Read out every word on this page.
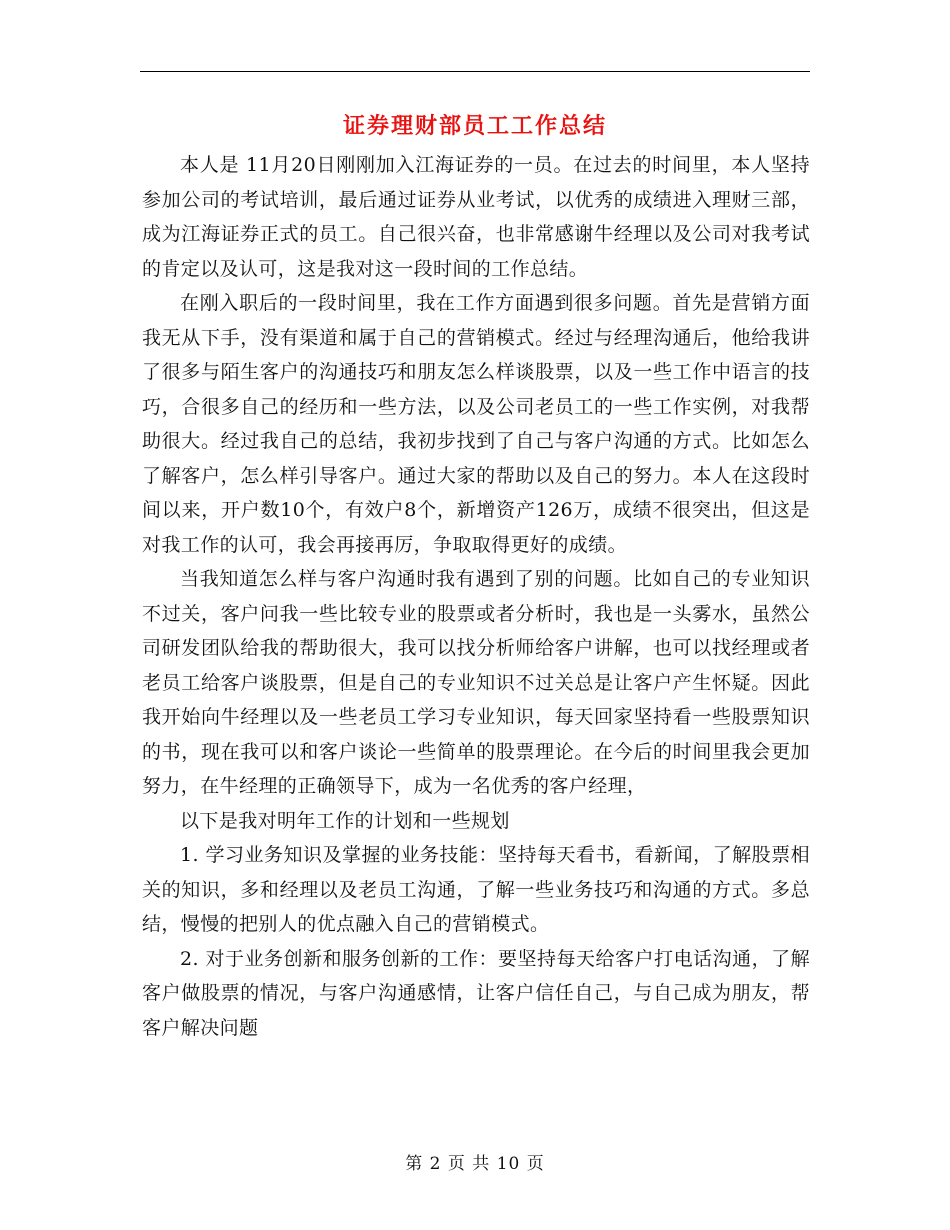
证券理财部员工工作总结

本人是 11月20日刚刚加入江海证券的一员。在过去的时间里，本人坚持参加公司的考试培训，最后通过证券从业考试，以优秀的成绩进入理财三部，成为江海证券正式的员工。自己很兴奋，也非常感谢牛经理以及公司对我考试的肯定以及认可，这是我对这一段时间的工作总结。

在刚入职后的一段时间里，我在工作方面遇到很多问题。首先是营销方面我无从下手，没有渠道和属于自己的营销模式。经过与经理沟通后，他给我讲了很多与陌生客户的沟通技巧和朋友怎么样谈股票，以及一些工作中语言的技巧，合很多自己的经历和一些方法，以及公司老员工的一些工作实例，对我帮助很大。经过我自己的总结，我初步找到了自己与客户沟通的方式。比如怎么了解客户，怎么样引导客户。通过大家的帮助以及自己的努力。本人在这段时间以来，开户数10个，有效户8个，新增资产126万，成绩不很突出，但这是对我工作的认可，我会再接再厉，争取取得更好的成绩。

当我知道怎么样与客户沟通时我有遇到了别的问题。比如自己的专业知识不过关，客户问我一些比较专业的股票或者分析时，我也是一头雾水，虽然公司研发团队给我的帮助很大，我可以找分析师给客户讲解，也可以找经理或者老员工给客户谈股票，但是自己的专业知识不过关总是让客户产生怀疑。因此我开始向牛经理以及一些老员工学习专业知识，每天回家坚持看一些股票知识的书，现在我可以和客户谈论一些简单的股票理论。在今后的时间里我会更加努力，在牛经理的正确领导下，成为一名优秀的客户经理，

以下是我对明年工作的计划和一些规划

1. 学习业务知识及掌握的业务技能：坚持每天看书，看新闻，了解股票相关的知识，多和经理以及老员工沟通，了解一些业务技巧和沟通的方式。多总结，慢慢的把别人的优点融入自己的营销模式。

2. 对于业务创新和服务创新的工作：要坚持每天给客户打电话沟通，了解客户做股票的情况，与客户沟通感情，让客户信任自己，与自己成为朋友，帮客户解决问题

第 2 页 共 10 页
